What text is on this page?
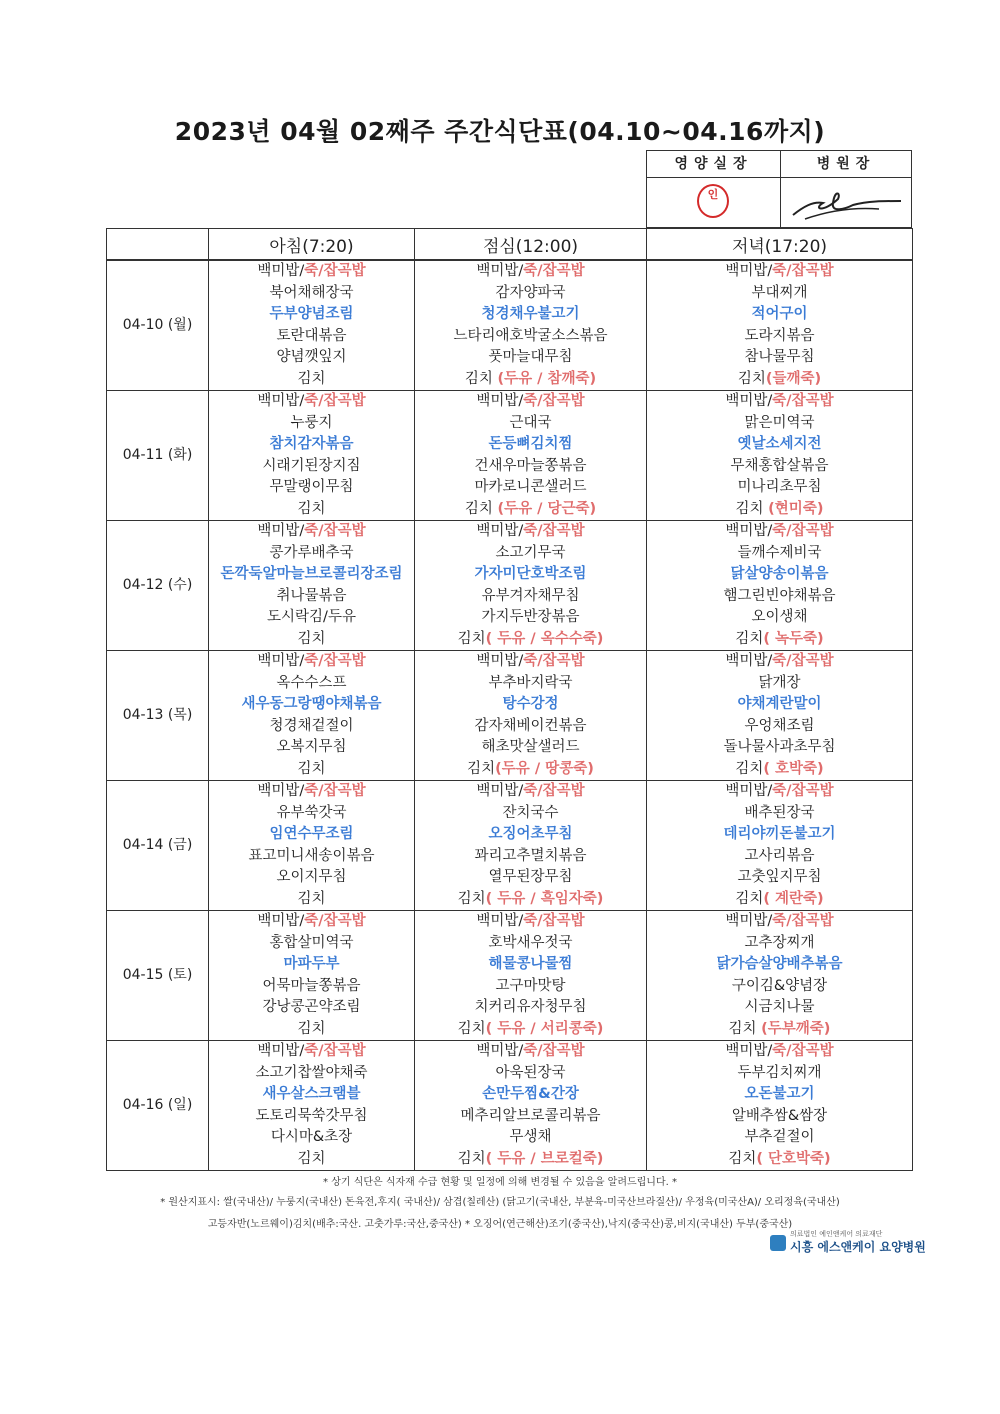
2023년 04월 02째주 주간식단표(04.10~04.16까지)
영양실장	병원장
인
	아침(7:20)	점심(12:00)	저녁(17:20)
04-10 (월)	백미밥/죽/잡곡밥	백미밥/죽/잡곡밥	백미밥/죽/잡곡밥
	북어채해장국	감자양파국	부대찌개
	두부양념조림	청경채우불고기	적어구이
	토란대볶음	느타리애호박굴소스볶음	도라지볶음
	양념깻잎지	풋마늘대무침	참나물무침
	김치	김치 (두유 / 참깨죽)	김치(들깨죽)
04-11 (화)	백미밥/죽/잡곡밥	백미밥/죽/잡곡밥	백미밥/죽/잡곡밥
	누룽지	근대국	맑은미역국
	참치감자볶음	돈등뼈김치찜	옛날소세지전
	시래기된장지짐	건새우마늘쫑볶음	무채홍합살볶음
	무말랭이무침	마카로니콘샐러드	미나리초무침
	김치	김치 (두유 / 당근죽)	김치 (현미죽)
04-12 (수)	백미밥/죽/잡곡밥	백미밥/죽/잡곡밥	백미밥/죽/잡곡밥
	콩가루배추국	소고기무국	들깨수제비국
	돈깍둑알마늘브로콜리장조림	가자미단호박조림	닭살양송이볶음
	취나물볶음	유부겨자채무침	햄그린빈야채볶음
	도시락김/두유	가지두반장볶음	오이생채
	김치	김치( 두유 / 옥수수죽)	김치( 녹두죽)
04-13 (목)	백미밥/죽/잡곡밥	백미밥/죽/잡곡밥	백미밥/죽/잡곡밥
	옥수수스프	부추바지락국	닭개장
	새우동그랑땡야채볶음	탕수강정	야채계란말이
	청경채겉절이	감자채베이컨볶음	우엉채조림
	오복지무침	해초맛살샐러드	돌나물사과초무침
	김치	김치(두유 / 땅콩죽)	김치( 호박죽)
04-14 (금)	백미밥/죽/잡곡밥	백미밥/죽/잡곡밥	백미밥/죽/잡곡밥
	유부쑥갓국	잔치국수	배추된장국
	임연수무조림	오징어초무침	데리야끼돈불고기
	표고미니새송이볶음	꽈리고추멸치볶음	고사리볶음
	오이지무침	열무된장무침	고춧잎지무침
	김치	김치( 두유 / 흑임자죽)	김치( 계란죽)
04-15 (토)	백미밥/죽/잡곡밥	백미밥/죽/잡곡밥	백미밥/죽/잡곡밥
	홍합살미역국	호박새우젓국	고추장찌개
	마파두부	해물콩나물찜	닭가슴살양배추볶음
	어묵마늘쫑볶음	고구마맛탕	구이김&양념장
	강낭콩곤약조림	치커리유자청무침	시금치나물
	김치	김치( 두유 / 서리콩죽)	김치 (두부깨죽)
04-16 (일)	백미밥/죽/잡곡밥	백미밥/죽/잡곡밥	백미밥/죽/잡곡밥
	소고기찹쌀야채죽	아욱된장국	두부김치찌개
	새우살스크램블	손만두찜&간장	오돈불고기
	도토리묵쑥갓무침	메추리알브로콜리볶음	알배추쌈&쌈장
	다시마&초장	무생채	부추겉절이
	김치	김치( 두유 / 브로컬죽)	김치( 단호박죽)
* 상기 식단은 식자재 수급 현황 및 일정에 의해 변경될 수 있음을 알려드립니다. *
* 원산지표시: 쌀(국내산)/ 누룽지(국내산) 돈육전,후지( 국내산)/ 삼겹(칠레산) (닭고기(국내산, 부분육-미국산브라질산)/ 우정육(미국산A)/ 오리정육(국내산)
고등자반(노르웨이)김치(배추:국산. 고춧가루:국산,중국산) * 오징어(연근해산)조기(중국산),낙지(중국산)콩,비지(국내산) 두부(중국산)
의료법인 예인앤케어 의료재단
시흥 에스앤케이 요양병원
